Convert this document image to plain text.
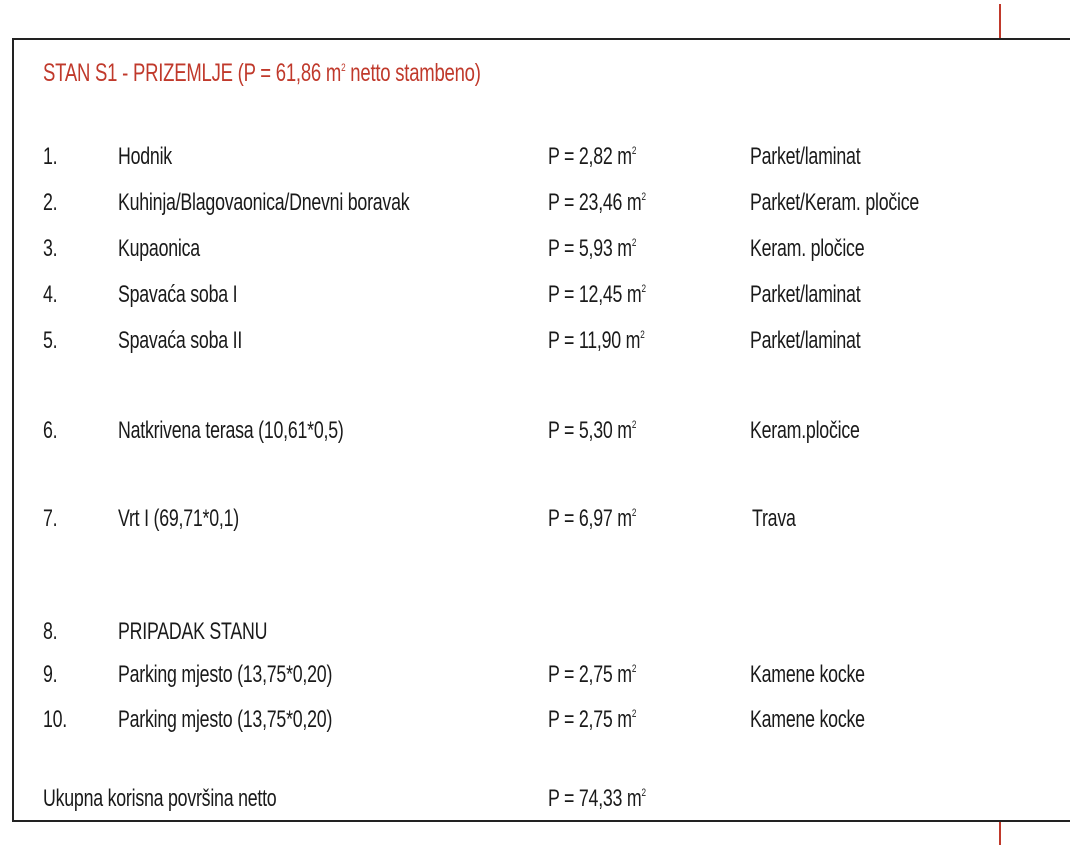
STAN S1 - PRIZEMLJE (P = 61,86 $m^2$ netto stambeno)
1.	Hodnik	P = 2,82 $m^2$	Parket/laminat
2.	Kuhinja/Blagovaonica/Dnevni boravak	P = 23,46 $m^2$	Parket/Keram. pločice
3.	Kupaonica	P = 5,93 $m^2$	Keram. pločice
4.	Spavaća soba I	P = 12,45 $m^2$	Parket/laminat
5.	Spavaća soba II	P = 11,90 $m^2$	Parket/laminat
6.	Natkrivena terasa (10,61*0,5)	P = 5,30 $m^2$	Keram.pločice
7.	Vrt I (69,71*0,1)	P = 6,97 $m^2$	Trava
8.	PRIPADAK STANU
9.	Parking mjesto (13,75*0,20)	P = 2,75 $m^2$	Kamene kocke
10. Parking mjesto (13,75*0,20)	P = 2,75 $m^2$	Kamene kocke
Ukupna korisna površina netto	P = 74,33 $m^2$
